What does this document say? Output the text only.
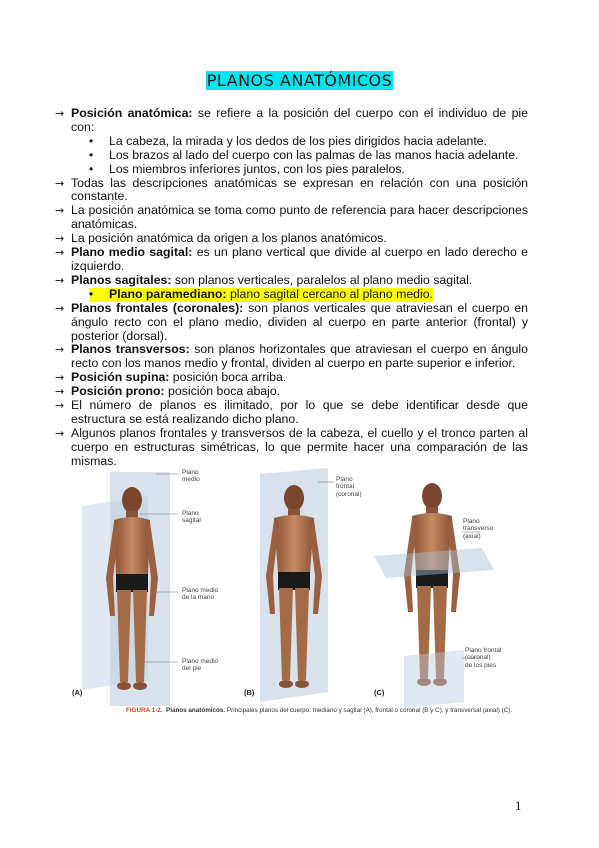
PLANOS ANATÓMICOS
→ Posición anatómica: se refiere a la posición del cuerpo con el individuo de pie con:
•	La cabeza, la mirada y los dedos de los pies dirigidos hacia adelante.
•	Los brazos al lado del cuerpo con las palmas de las manos hacia adelante.
•	Los miembros inferiores juntos, con los pies paralelos.
→ Todas las descripciones anatómicas se expresan en relación con una posición constante.
→ La posición anatómica se toma como punto de referencia para hacer descripciones anatómicas.
→ La posición anatómica da origen a los planos anatómicos.
→ Plano medio sagital: es un plano vertical que divide al cuerpo en lado derecho e izquierdo.
→ Planos sagitales: son planos verticales, paralelos al plano medio sagital.
• Plano paramediano: plano sagital cercano al plano medio.
→ Planos frontales (coronales): son planos verticales que atraviesan el cuerpo en ángulo recto con el plano medio, dividen al cuerpo en parte anterior (frontal) y posterior (dorsal).
→ Planos transversos: son planos horizontales que atraviesan el cuerpo en ángulo recto con los manos medio y frontal, dividen al cuerpo en parte superior e inferior.
→ Posición supina: posición boca arriba.
→ Posición prono: posición boca abajo.
→ El número de planos es ilimitado, por lo que se debe identificar desde que estructura se está realizando dicho plano.
→ Algunos planos frontales y transversos de la cabeza, el cuello y el tronco parten al cuerpo en estructuras simétricas, lo que permite hacer una comparación de las mismas.
Plano
medio
Plano
sagital
Plano medio
de la mano
Plano medio
del pie
Plano
frontal
(coronal)
Plano
transverso
(axial)
Plano frontal
(coronal)
de los pies
(A)	(B)	(C)
FIGURA 1-2. Planos anatómicos. Principales planos del cuerpo: mediano y sagital (A), frontal o coronal (B y C), y transversal (axial) (C).
1
